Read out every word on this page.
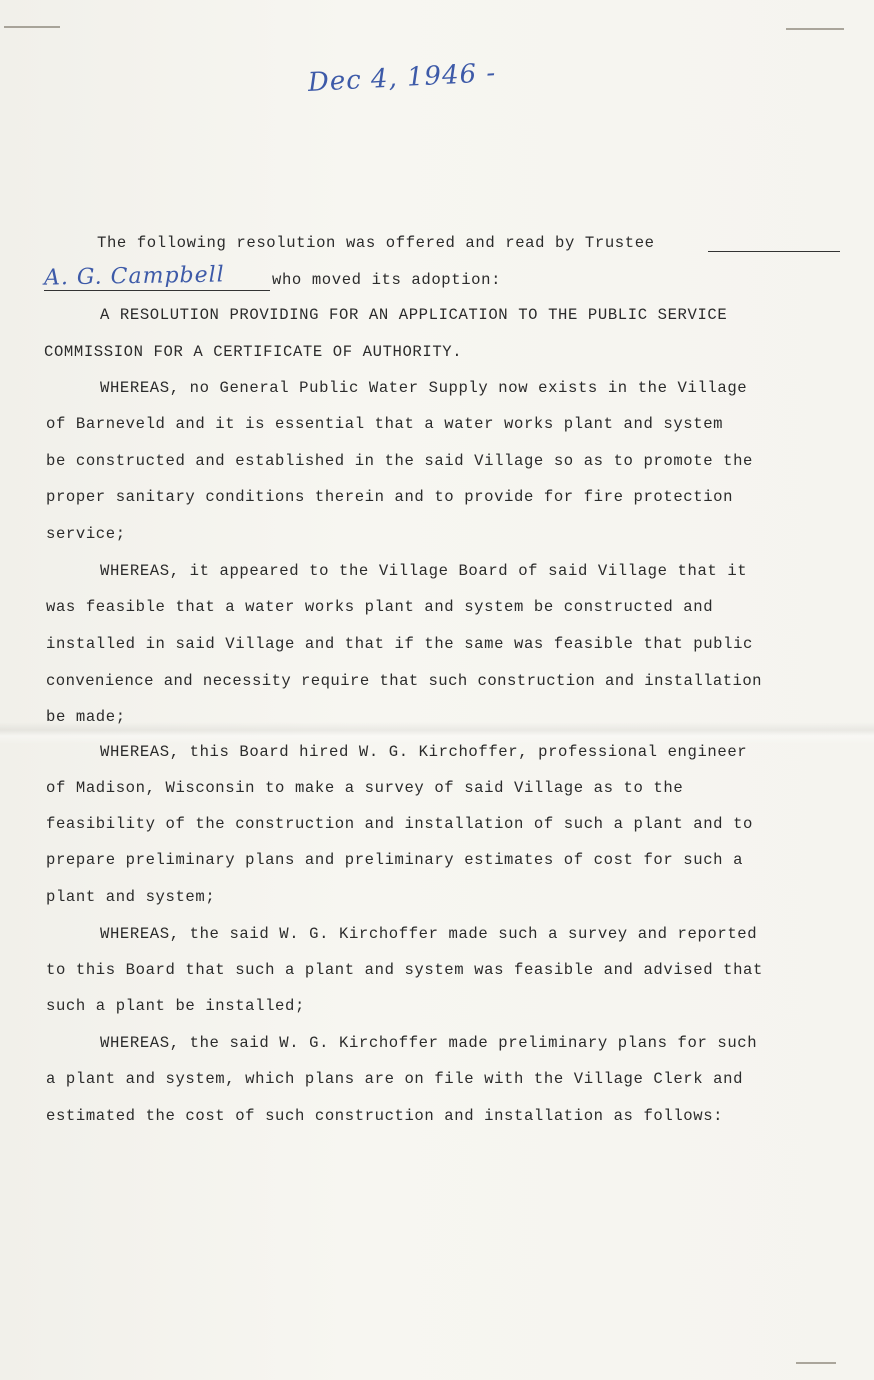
Dec 4, 1946 -
The following resolution was offered and read by Trustee
A. G. Campbell	who moved its adoption:
A RESOLUTION PROVIDING FOR AN APPLICATION TO THE PUBLIC SERVICE
COMMISSION FOR A CERTIFICATE OF AUTHORITY.
WHEREAS, no General Public Water Supply now exists in the Village
of Barneveld and it is essential that a water works plant and system
be constructed and established in the said Village so as to promote the
proper sanitary conditions therein and to provide for fire protection
service;
WHEREAS, it appeared to the Village Board of said Village that it
was feasible that a water works plant and system be constructed and
installed in said Village and that if the same was feasible that public
convenience and necessity require that such construction and installation
be made;
WHEREAS, this Board hired W. G. Kirchoffer, professional engineer
of Madison, Wisconsin to make a survey of said Village as to the
feasibility of the construction and installation of such a plant and to
prepare preliminary plans and preliminary estimates of cost for such a
plant and system;
WHEREAS, the said W. G. Kirchoffer made such a survey and reported
to this Board that such a plant and system was feasible and advised that
such a plant be installed;
WHEREAS, the said W. G. Kirchoffer made preliminary plans for such
a plant and system, which plans are on file with the Village Clerk and
estimated the cost of such construction and installation as follows:
